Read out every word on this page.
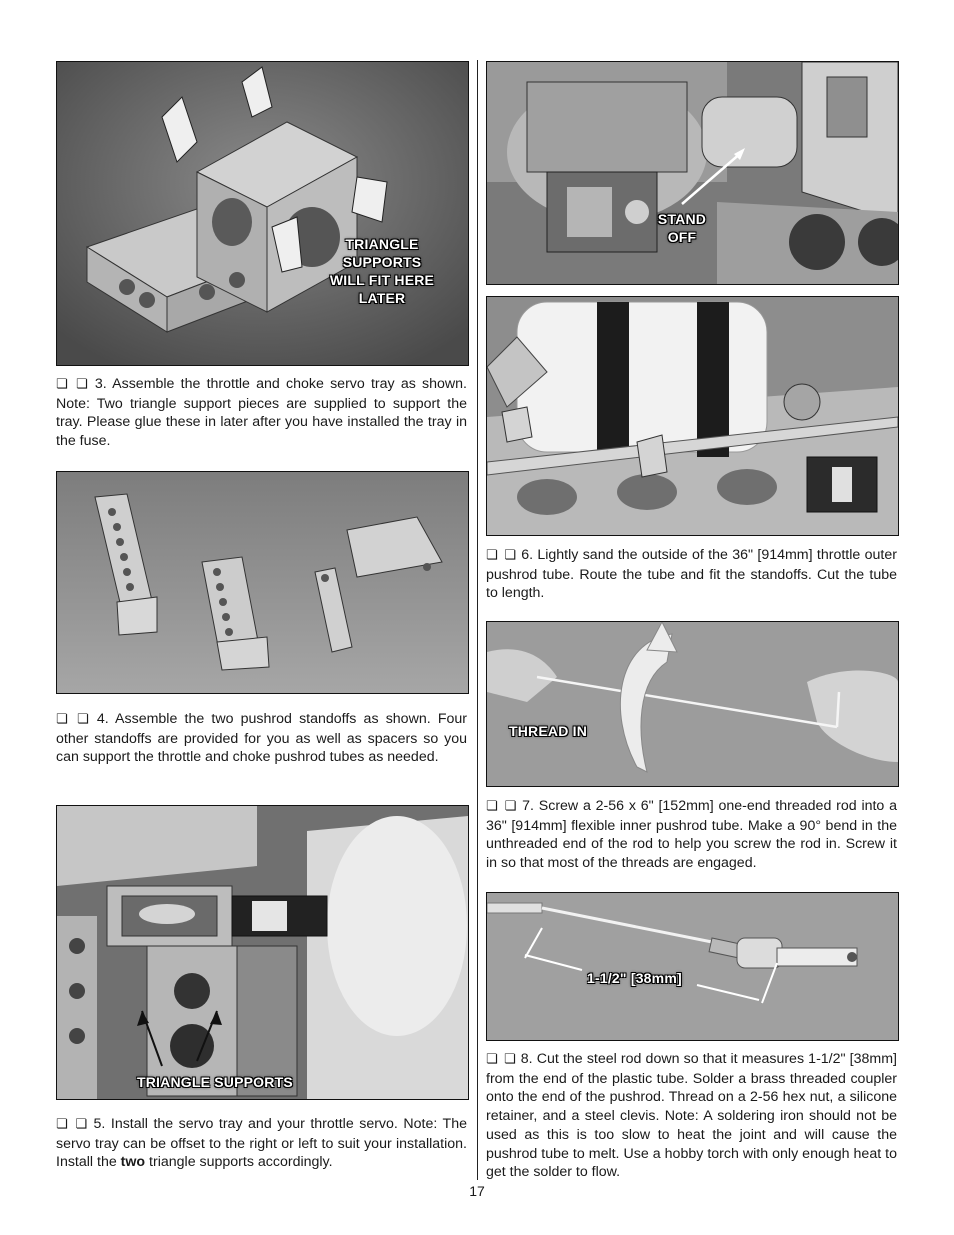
TRIANGLE
SUPPORTS
WILL FIT HERE
LATER
❏ ❏ 3. Assemble the throttle and choke servo tray as shown. Note: Two triangle support pieces are supplied to support the tray. Please glue these in later after you have installed the tray in the fuse.
❏ ❏ 4. Assemble the two pushrod standoffs as shown. Four other standoffs are provided for you as well as spacers so you can support the throttle and choke pushrod tubes as needed.
TRIANGLE SUPPORTS
❏ ❏ 5. Install the servo tray and your throttle servo. Note: The servo tray can be offset to the right or left to suit your installation. Install the two triangle supports accordingly.
STAND
OFF
❏ ❏ 6. Lightly sand the outside of the 36" [914mm] throttle outer pushrod tube. Route the tube and fit the standoffs. Cut the tube to length.
THREAD IN
❏ ❏ 7. Screw a 2-56 x 6" [152mm] one-end threaded rod into a 36" [914mm] flexible inner pushrod tube. Make a 90° bend in the unthreaded end of the rod to help you screw the rod in. Screw it in so that most of the threads are engaged.
1-1/2" [38mm]
❏ ❏ 8. Cut the steel rod down so that it measures 1-1/2" [38mm] from the end of the plastic tube. Solder a brass threaded coupler onto the end of the pushrod. Thread on a 2-56 hex nut, a silicone retainer, and a steel clevis. Note: A soldering iron should not be used as this is too slow to heat the joint and will cause the pushrod tube to melt. Use a hobby torch with only enough heat to get the solder to flow.
17
